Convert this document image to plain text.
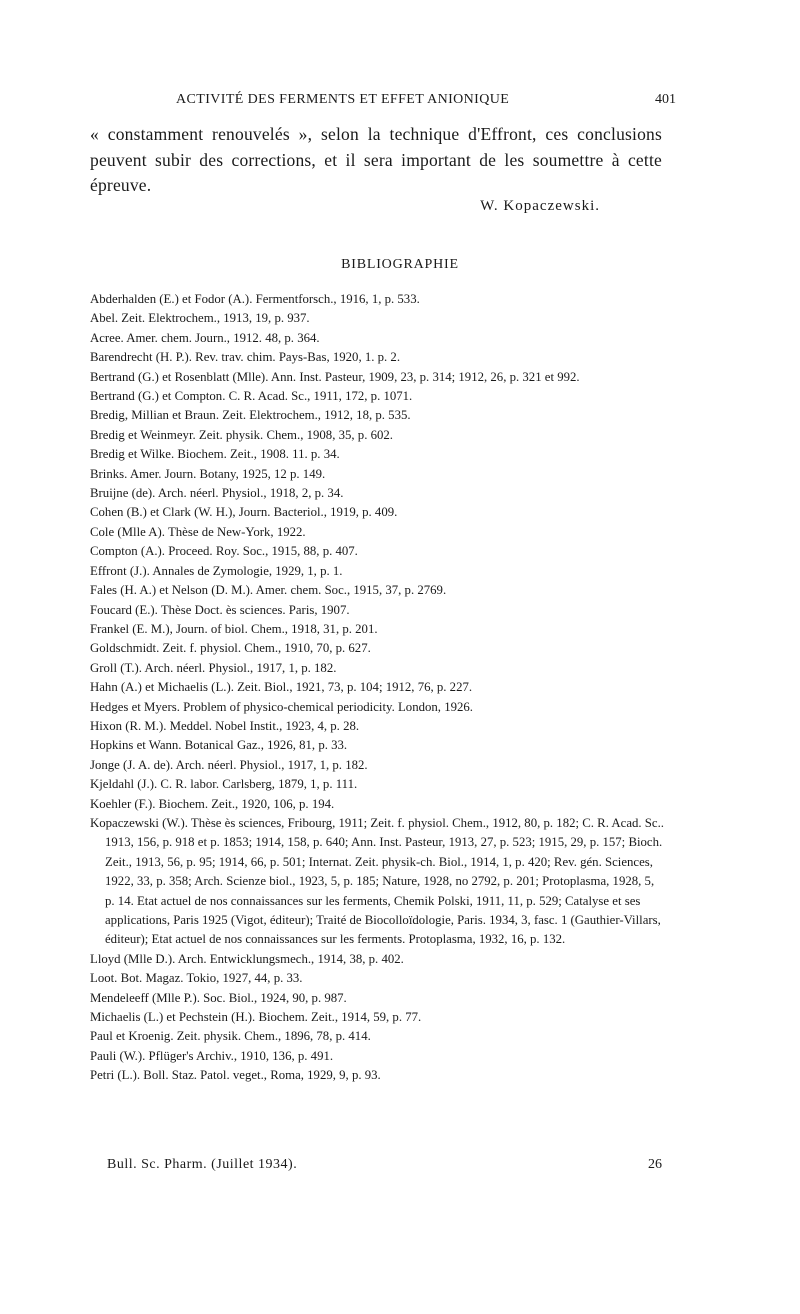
ACTIVITÉ DES FERMENTS ET EFFET ANIONIQUE	401

« constamment renouvelés », selon la technique d'Effront, ces conclusions peuvent subir des corrections, et il sera important de les soumettre à cette épreuve.

W. Kopaczewski.
BIBLIOGRAPHIE

Abderhalden (E.) et Fodor (A.). Fermentforsch., 1916, 1, p. 533.

Abel. Zeit. Elektrochem., 1913, 19, p. 937.

Acree. Amer. chem. Journ., 1912. 48, p. 364.

Barendrecht (H. P.). Rev. trav. chim. Pays-Bas, 1920, 1. p. 2.

Bertrand (G.) et Rosenblatt (Mlle). Ann. Inst. Pasteur, 1909, 23, p. 314; 1912, 26, p. 321 et 992.

Bertrand (G.) et Compton. C. R. Acad. Sc., 1911, 172, p. 1071.

Bredig, Millian et Braun. Zeit. Elektrochem., 1912, 18, p. 535.

Bredig et Weinmeyr. Zeit. physik. Chem., 1908, 35, p. 602.

Bredig et Wilke. Biochem. Zeit., 1908. 11. p. 34.

Brinks. Amer. Journ. Botany, 1925, 12 p. 149.

Bruijne (de). Arch. néerl. Physiol., 1918, 2, p. 34.

Cohen (B.) et Clark (W. H.), Journ. Bacteriol., 1919, p. 409.

Cole (Mlle A). Thèse de New-York, 1922.

Compton (A.). Proceed. Roy. Soc., 1915, 88, p. 407.

Effront (J.). Annales de Zymologie, 1929, 1, p. 1.

Fales (H. A.) et Nelson (D. M.). Amer. chem. Soc., 1915, 37, p. 2769.

Foucard (E.). Thèse Doct. ès sciences. Paris, 1907.

Frankel (E. M.), Journ. of biol. Chem., 1918, 31, p. 201.

Goldschmidt. Zeit. f. physiol. Chem., 1910, 70, p. 627.

Groll (T.). Arch. néerl. Physiol., 1917, 1, p. 182.

Hahn (A.) et Michaelis (L.). Zeit. Biol., 1921, 73, p. 104; 1912, 76, p. 227.

Hedges et Myers. Problem of physico-chemical periodicity. London, 1926.

Hixon (R. M.). Meddel. Nobel Instit., 1923, 4, p. 28.

Hopkins et Wann. Botanical Gaz., 1926, 81, p. 33.

Jonge (J. A. de). Arch. néerl. Physiol., 1917, 1, p. 182.

Kjeldahl (J.). C. R. labor. Carlsberg, 1879, 1, p. 111.

Koehler (F.). Biochem. Zeit., 1920, 106, p. 194.

Kopaczewski (W.). Thèse ès sciences, Fribourg, 1911; Zeit. f. physiol. Chem., 1912, 80, p. 182; C. R. Acad. Sc.. 1913, 156, p. 918 et p. 1853; 1914, 158, p. 640; Ann. Inst. Pasteur, 1913, 27, p. 523; 1915, 29, p. 157; Bioch. Zeit., 1913, 56, p. 95; 1914, 66, p. 501; Internat. Zeit. physik-ch. Biol., 1914, 1, p. 420; Rev. gén. Sciences, 1922, 33, p. 358; Arch. Scienze biol., 1923, 5, p. 185; Nature, 1928, no 2792, p. 201; Protoplasma, 1928, 5, p. 14. Etat actuel de nos connaissances sur les ferments, Chemik Polski, 1911, 11, p. 529; Catalyse et ses applications, Paris 1925 (Vigot, éditeur); Traité de Biocolloïdologie, Paris. 1934, 3, fasc. 1 (Gauthier-Villars, éditeur); Etat actuel de nos connaissances sur les ferments. Protoplasma, 1932, 16, p. 132.

Lloyd (Mlle D.). Arch. Entwicklungsmech., 1914, 38, p. 402.

Loot. Bot. Magaz. Tokio, 1927, 44, p. 33.

Mendeleeff (Mlle P.). Soc. Biol., 1924, 90, p. 987.

Michaelis (L.) et Pechstein (H.). Biochem. Zeit., 1914, 59, p. 77.

Paul et Kroenig. Zeit. physik. Chem., 1896, 78, p. 414.

Pauli (W.). Pflüger's Archiv., 1910, 136, p. 491.

Petri (L.). Boll. Staz. Patol. veget., Roma, 1929, 9, p. 93.

Bull. Sc. Pharm. (Juillet 1934).	26
